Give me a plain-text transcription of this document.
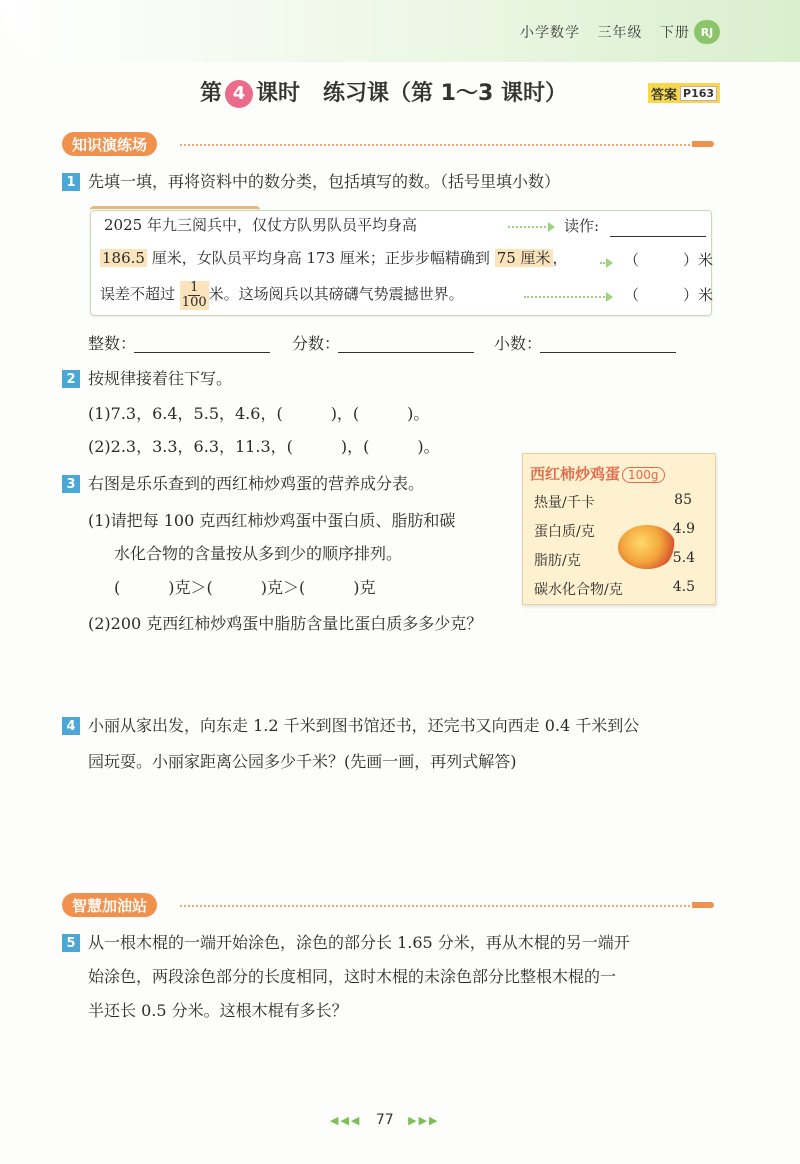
小学数学 三年级 下册 RJ
第 4 课时 练习课（第 1～3 课时）	答案 P163
知识演练场
1 先填一填，再将资料中的数分类，包括填写的数。（括号里填小数）
2025 年九三阅兵中，仅仗方队男队员平均身高
186.5 厘米，女队员平均身高 173 厘米；正步步幅精确到 75 厘米 ，
误差不超过 $\frac{1}{100}$ 米。这场阅兵以其磅礴气势震撼世界。
读作:
（	）米
（	）米
整数：	分数：	小数：
2 按规律接着往下写。
(1)7.3，6.4，5.5，4.6，(　　　)，(　　　)。
(2)2.3，3.3，6.3，11.3，(　　　)，(　　　)。
3 右图是乐乐查到的西红柿炒鸡蛋的营养成分表。
(1)请把每 100 克西红柿炒鸡蛋中蛋白质、脂肪和碳
水化合物的含量按从多到少的顺序排列。
(　　　)克＞(　　　)克＞(　　　)克
(2)200 克西红柿炒鸡蛋中脂肪含量比蛋白质多多少克？
西红柿炒鸡蛋 100g
热量/千卡	85
蛋白质/克	4.9
脂肪/克	5.4
碳水化合物/克	4.5
4 小丽从家出发，向东走 1.2 千米到图书馆还书，还完书又向西走 0.4 千米到公
园玩耍。小丽家距离公园多少千米？(先画一画，再列式解答)
智慧加油站
5 从一根木棍的一端开始涂色，涂色的部分长 1.65 分米，再从木棍的另一端开
始涂色，两段涂色部分的长度相同，这时木棍的未涂色部分比整根木棍的一
半还长 0.5 分米。这根木棍有多长？
◀◀◀ 77 ▶▶▶
